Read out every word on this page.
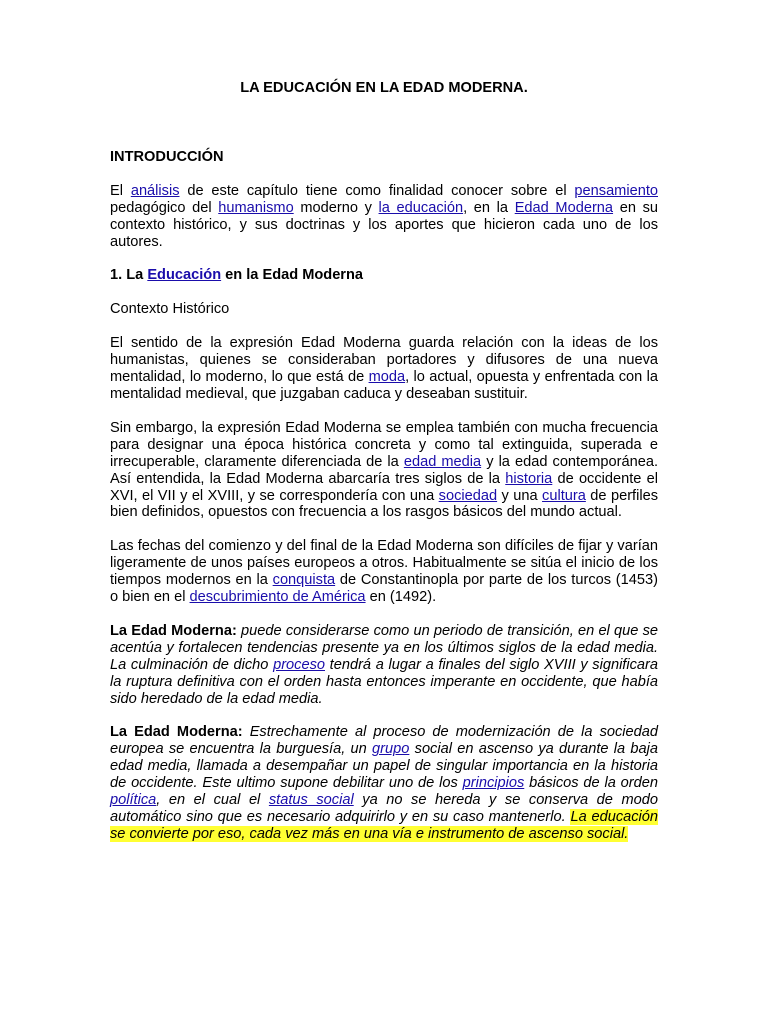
LA EDUCACIÓN EN LA EDAD MODERNA.
INTRODUCCIÓN

El análisis de este capítulo tiene como finalidad conocer sobre el pensamiento pedagógico del humanismo moderno y la educación, en la Edad Moderna en su contexto histórico, y sus doctrinas y los aportes que hicieron cada uno de los autores.

1. La Educación en la Edad Moderna

Contexto Histórico

El sentido de la expresión Edad Moderna guarda relación con la ideas de los humanistas, quienes se consideraban portadores y difusores de una nueva mentalidad, lo moderno, lo que está de moda, lo actual, opuesta y enfrentada con la mentalidad medieval, que juzgaban caduca y deseaban sustituir.

Sin embargo, la expresión Edad Moderna se emplea también con mucha frecuencia para designar una época histórica concreta y como tal extinguida, superada e irrecuperable, claramente diferenciada de la edad media y la edad contemporánea. Así entendida, la Edad Moderna abarcaría tres siglos de la historia de occidente el XVI, el VII y el XVIII, y se correspondería con una sociedad y una cultura de perfiles bien definidos, opuestos con frecuencia a los rasgos básicos del mundo actual.

Las fechas del comienzo y del final de la Edad Moderna son difíciles de fijar y varían ligeramente de unos países europeos a otros. Habitualmente se sitúa el inicio de los tiempos modernos en la conquista de Constantinopla por parte de los turcos (1453) o bien en el descubrimiento de América en (1492).

La Edad Moderna: puede considerarse como un periodo de transición, en el que se acentúa y fortalecen tendencias presente ya en los últimos siglos de la edad media. La culminación de dicho proceso tendrá a lugar a finales del siglo XVIII y significara la ruptura definitiva con el orden hasta entonces imperante en occidente, que había sido heredado de la edad media.

La Edad Moderna: Estrechamente al proceso de modernización de la sociedad europea se encuentra la burguesía, un grupo social en ascenso ya durante la baja edad media, llamada a desempañar un papel de singular importancia en la historia de occidente. Este ultimo supone debilitar uno de los principios básicos de la orden política, en el cual el status social ya no se hereda y se conserva de modo automático sino que es necesario adquirirlo y en su caso mantenerlo. La educación se convierte por eso, cada vez más en una vía e instrumento de ascenso social.
